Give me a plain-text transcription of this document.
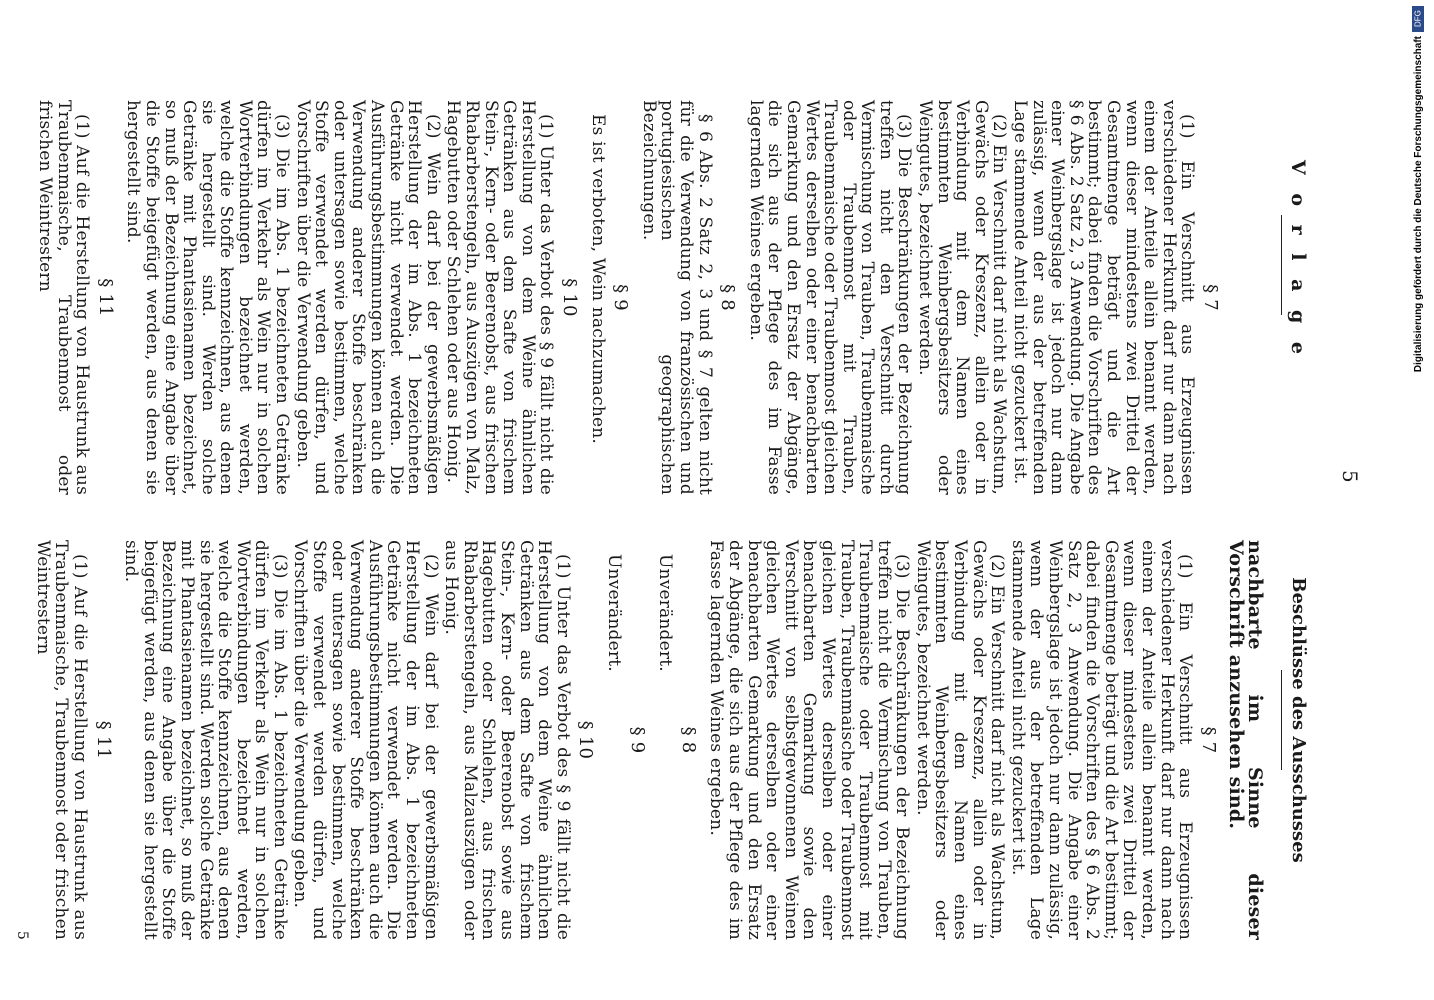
5
V o r l a g e
Beschlüsse des Ausschusses
§ 7

(1) Ein Verschnitt aus Erzeugnissen verschiedener Herkunft darf nur dann nach einem der Anteile allein benannt werden, wenn dieser mindestens zwei Drittel der Gesamtmenge beträgt und die Art bestimmt; dabei finden die Vorschriften des § 6 Abs. 2 Satz 2, 3 Anwendung. Die Angabe einer Weinbergslage ist jedoch nur dann zulässig, wenn der aus der betreffenden Lage stammende Anteil nicht gezuckert ist.

(2) Ein Verschnitt darf nicht als Wachstum, Gewächs oder Kreszenz, allein oder in Verbindung mit dem Namen eines bestimmten Weinbergsbesitzers oder Weingutes, bezeichnet werden.

(3) Die Beschränkungen der Bezeichnung treffen nicht den Verschnitt durch Vermischung von Trauben, Traubenmaische oder Traubenmost mit Trauben, Traubenmaische oder Traubenmost gleichen Wertes derselben oder einer benachbarten Gemarkung und den Ersatz der Abgänge, die sich aus der Pflege des im Fasse lagernden Weines ergeben.

§ 8

§ 6 Abs. 2 Satz 2, 3 und § 7 gelten nicht für die Verwendung von französischen und portugiesischen geographischen Bezeichnungen.

§ 9

Es ist verboten, Wein nachzumachen.

§ 10

(1) Unter das Verbot des § 9 fällt nicht die Herstellung von dem Weine ähnlichen Getränken aus dem Safte von frischem Stein-, Kern- oder Beerenobst, aus frischen Rhabarberstengeln, aus Auszügen von Malz, Hagebutten oder Schlehen oder aus Honig.

(2) Wein darf bei der gewerbsmäßigen Herstellung der im Abs. 1 bezeichneten Getränke nicht verwendet werden. Die Ausführungsbestimmungen können auch die Verwendung anderer Stoffe beschränken oder untersagen sowie bestimmen, welche Stoffe verwendet werden dürfen, und Vorschriften über die Verwendung geben.

(3) Die im Abs. 1 bezeichneten Getränke dürfen im Verkehr als Wein nur in solchen Wortverbindungen bezeichnet werden, welche die Stoffe kennzeichnen, aus denen sie hergestellt sind. Werden solche Getränke mit Phantasienamen bezeichnet, so muß der Bezeichnung eine Angabe über die Stoffe beigefügt werden, aus denen sie hergestellt sind.

§ 11

(1) Auf die Herstellung von Haustrunk aus Traubenmaische, Traubenmost oder frischen Weintrestern

nachbarte im Sinne dieser Vorschrift anzusehen sind.

§ 7

(1) Ein Verschnitt aus Erzeugnissen verschiedener Herkunft darf nur dann nach einem der Anteile allein benannt werden, wenn dieser mindestens zwei Drittel der Gesamtmenge beträgt und die Art bestimmt; dabei finden die Vorschriften des § 6 Abs. 2 Satz 2, 3 Anwendung. Die Angabe einer Weinbergslage ist jedoch nur dann zulässig, wenn der aus der betreffenden Lage stammende Anteil nicht gezuckert ist.

(2) Ein Verschnitt darf nicht als Wachstum, Gewächs oder Kreszenz, allein oder in Verbindung mit dem Namen eines bestimmten Weinbergsbesitzers oder Weingutes, bezeichnet werden.

(3) Die Beschränkungen der Bezeichnung treffen nicht die Vermischung von Trauben, Traubenmaische oder Traubenmost mit Trauben, Traubenmaische oder Traubenmost gleichen Wertes derselben oder einer benachbarten Gemarkung sowie den Verschnitt von selbstgewonnenen Weinen gleichen Wertes derselben oder einer benachbarten Gemarkung und den Ersatz der Abgänge, die sich aus der Pflege des im Fasse lagernden Weines ergeben.

§ 8

Unverändert.

§ 9

Unverändert.

§ 10

(1) Unter das Verbot des § 9 fällt nicht die Herstellung von dem Weine ähnlichen Getränken aus dem Safte von frischem Stein-, Kern- oder Beerenobst sowie aus Hagebutten oder Schlehen, aus frischen Rhabarberstengeln, aus Malzauszügen oder aus Honig.

(2) Wein darf bei der gewerbsmäßigen Herstellung der im Abs. 1 bezeichneten Getränke nicht verwendet werden. Die Ausführungsbestimmungen können auch die Verwendung anderer Stoffe beschränken oder untersagen sowie bestimmen, welche Stoffe verwendet werden dürfen, und Vorschriften über die Verwendung geben.

(3) Die im Abs. 1 bezeichneten Getränke dürfen im Verkehr als Wein nur in solchen Wortverbindungen bezeichnet werden, welche die Stoffe kennzeichnen, aus denen sie hergestellt sind. Werden solche Getränke mit Phantasienamen bezeichnet, so muß der Bezeichnung eine Angabe über die Stoffe beigefügt werden, aus denen sie hergestellt sind.

§ 11

(1) Auf die Herstellung von Haustrunk aus Traubenmaische, Traubenmost oder frischen Weintrestern

5
DFG
Digitalisierung gefördert durch die Deutsche Forschungsgemeinschaft
